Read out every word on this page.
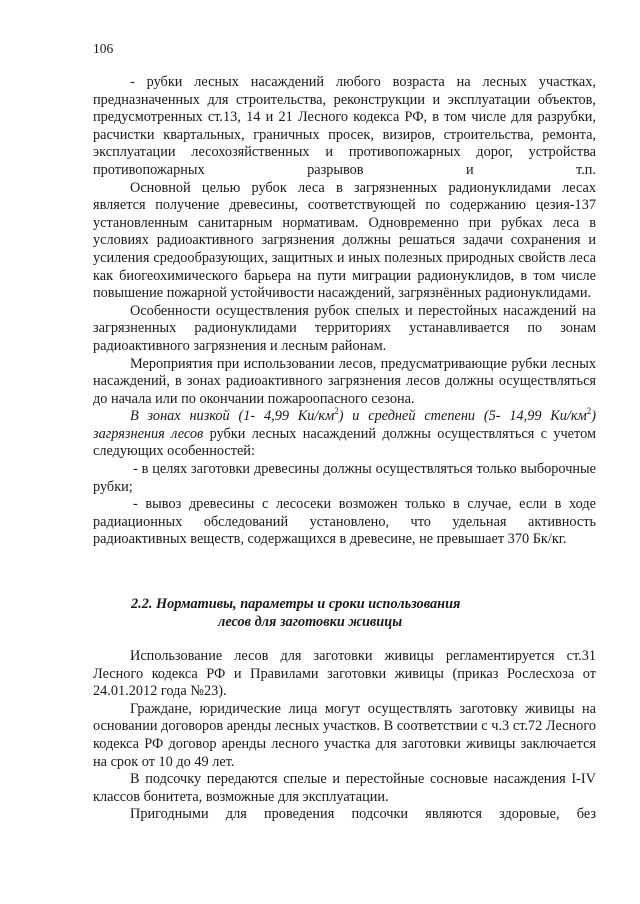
106

- рубки лесных насаждений любого возраста на лесных участках, предназначенных для строительства, реконструкции и эксплуатации объектов, предусмотренных ст.13, 14 и 21 Лесного кодекса РФ, в том числе для разрубки, расчистки квартальных, граничных просек, визиров, строительства, ремонта, эксплуатации лесохозяйственных и противопожарных дорог, устройства противопожарных разрывов и т.п.

Основной целью рубок леса в загрязненных радионуклидами лесах является получение древесины, соответствующей по содержанию цезия-137 установленным санитарным нормативам. Одновременно при рубках леса в условиях радиоактивного загрязнения должны решаться задачи сохранения и усиления средообразующих, защитных и иных полезных природных свойств леса как биогеохимического барьера на пути миграции радионуклидов, в том числе повышение пожарной устойчивости насаждений, загрязнённых радионуклидами.

Особенности осуществления рубок спелых и перестойных насаждений на загрязненных радионуклидами территориях устанавливается по зонам радиоактивного загрязнения и лесным районам.

Мероприятия при использовании лесов, предусматривающие рубки лесных насаждений, в зонах радиоактивного загрязнения лесов должны осуществляться до начала или по окончании пожароопасного сезона.

В зонах низкой (1- 4,99 $Ки/км^2$) и средней степени (5- 14,99 $Ки/км^2$) загрязнения лесов рубки лесных насаждений должны осуществляться с учетом следующих особенностей:

- в целях заготовки древесины должны осуществляться только выборочные рубки;

- вывоз древесины с лесосеки возможен только в случае, если в ходе радиационных обследований установлено, что удельная активность радиоактивных веществ, содержащихся в древесине, не превышает 370 Бк/кг.

2.2. Нормативы, параметры и сроки использования
лесов для заготовки живицы

Использование лесов для заготовки живицы регламентируется ст.31 Лесного кодекса РФ и Правилами заготовки живицы (приказ Рослесхоза от 24.01.2012 года №23).

Граждане, юридические лица могут осуществлять заготовку живицы на основании договоров аренды лесных участков. В соответствии с ч.3 ст.72 Лесного кодекса РФ договор аренды лесного участка для заготовки живицы заключается на срок от 10 до 49 лет.

В подсочку передаются спелые и перестойные сосновые насаждения I-IV классов бонитета, возможные для эксплуатации.

Пригодными для проведения подсочки являются здоровые, без
